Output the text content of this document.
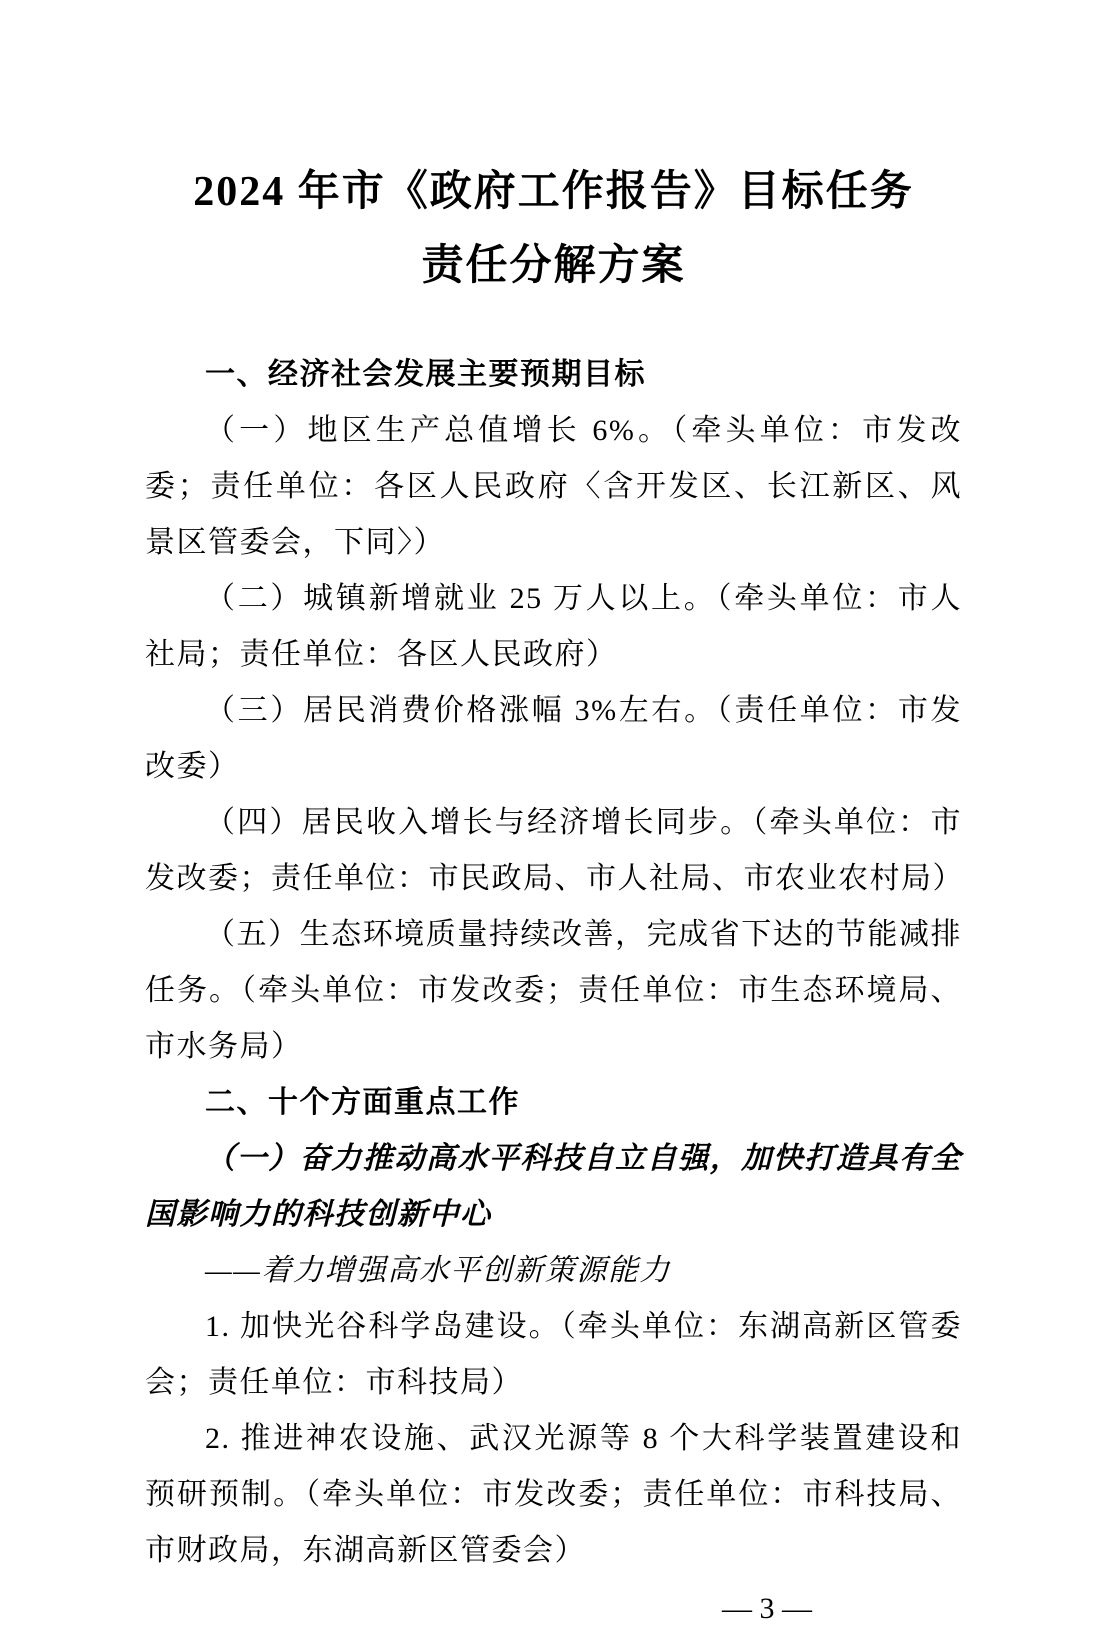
2024 年市《政府工作报告》目标任务
责任分解方案

一、经济社会发展主要预期目标

（一）地区生产总值增长 6%。（牵头单位：市发改委；责任单位：各区人民政府〈含开发区、长江新区、风景区管委会，下同〉）

（二）城镇新增就业 25 万人以上。（牵头单位：市人社局；责任单位：各区人民政府）

（三）居民消费价格涨幅 3%左右。（责任单位：市发改委）

（四）居民收入增长与经济增长同步。（牵头单位：市发改委；责任单位：市民政局、市人社局、市农业农村局）

（五）生态环境质量持续改善，完成省下达的节能减排任务。（牵头单位：市发改委；责任单位：市生态环境局、市水务局）

二、十个方面重点工作

（一）奋力推动高水平科技自立自强，加快打造具有全国影响力的科技创新中心

——着力增强高水平创新策源能力

1. 加快光谷科学岛建设。（牵头单位：东湖高新区管委会；责任单位：市科技局）

2. 推进神农设施、武汉光源等 8 个大科学装置建设和预研预制。（牵头单位：市发改委；责任单位：市科技局、市财政局，东湖高新区管委会）

— 3 —
